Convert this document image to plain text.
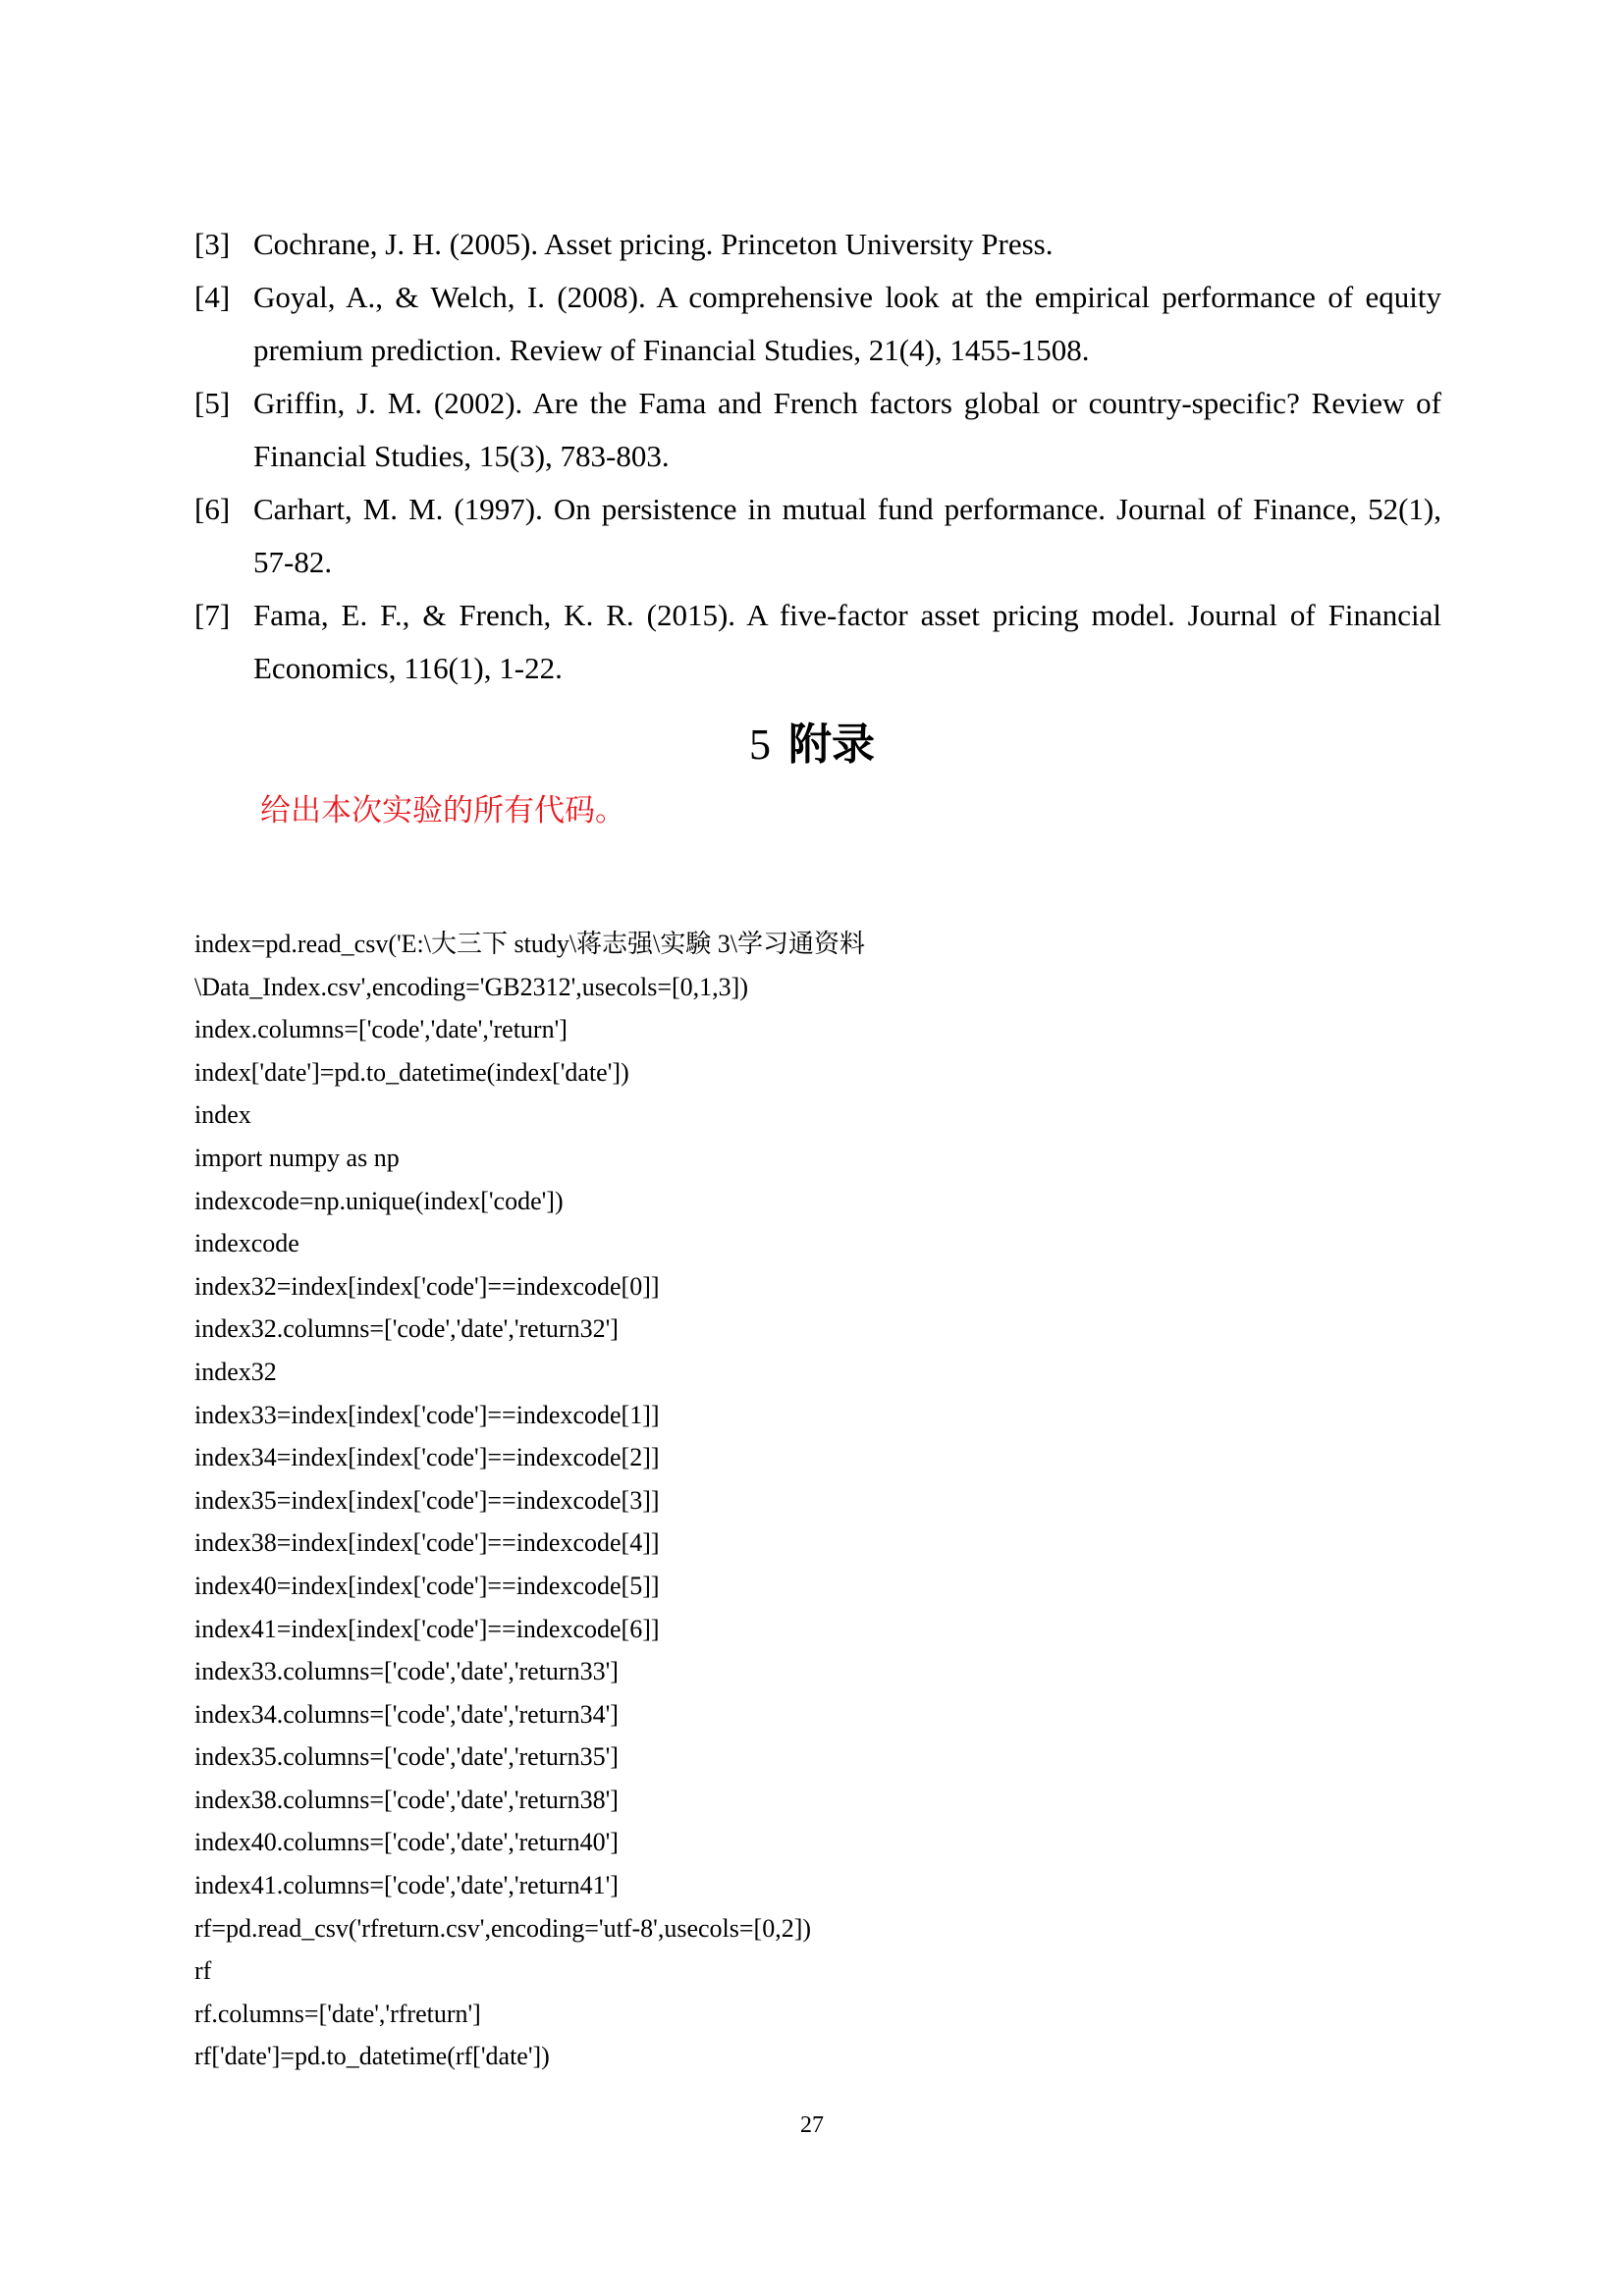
[3] Cochrane, J. H. (2005). Asset pricing. Princeton University Press.

[4] Goyal, A., & Welch, I. (2008). A comprehensive look at the empirical performance of equity premium prediction. Review of Financial Studies, 21(4), 1455-1508.

[5] Griffin, J. M. (2002). Are the Fama and French factors global or country-specific? Review of Financial Studies, 15(3), 783-803.

[6] Carhart, M. M. (1997). On persistence in mutual fund performance. Journal of Finance, 52(1), 57-82.

[7] Fama, E. F., & French, K. R. (2015). A five-factor asset pricing model. Journal of Financial Economics, 116(1), 1-22.

5 附录
给出本次实验的所有代码。

index=pd.read_csv('E:\大三下 study\蒋志强\实験 3\学习通资料

\Data_Index.csv',encoding='GB2312',usecols=[0,1,3])

index.columns=['code','date','return']

index['date']=pd.to_datetime(index['date'])

index

import numpy as np

indexcode=np.unique(index['code'])

indexcode

index32=index[index['code']==indexcode[0]]

index32.columns=['code','date','return32']

index32

index33=index[index['code']==indexcode[1]]

index34=index[index['code']==indexcode[2]]

index35=index[index['code']==indexcode[3]]

index38=index[index['code']==indexcode[4]]

index40=index[index['code']==indexcode[5]]

index41=index[index['code']==indexcode[6]]

index33.columns=['code','date','return33']

index34.columns=['code','date','return34']

index35.columns=['code','date','return35']

index38.columns=['code','date','return38']

index40.columns=['code','date','return40']

index41.columns=['code','date','return41']

rf=pd.read_csv('rfreturn.csv',encoding='utf-8',usecols=[0,2])

rf

rf.columns=['date','rfreturn']

rf['date']=pd.to_datetime(rf['date'])

27
